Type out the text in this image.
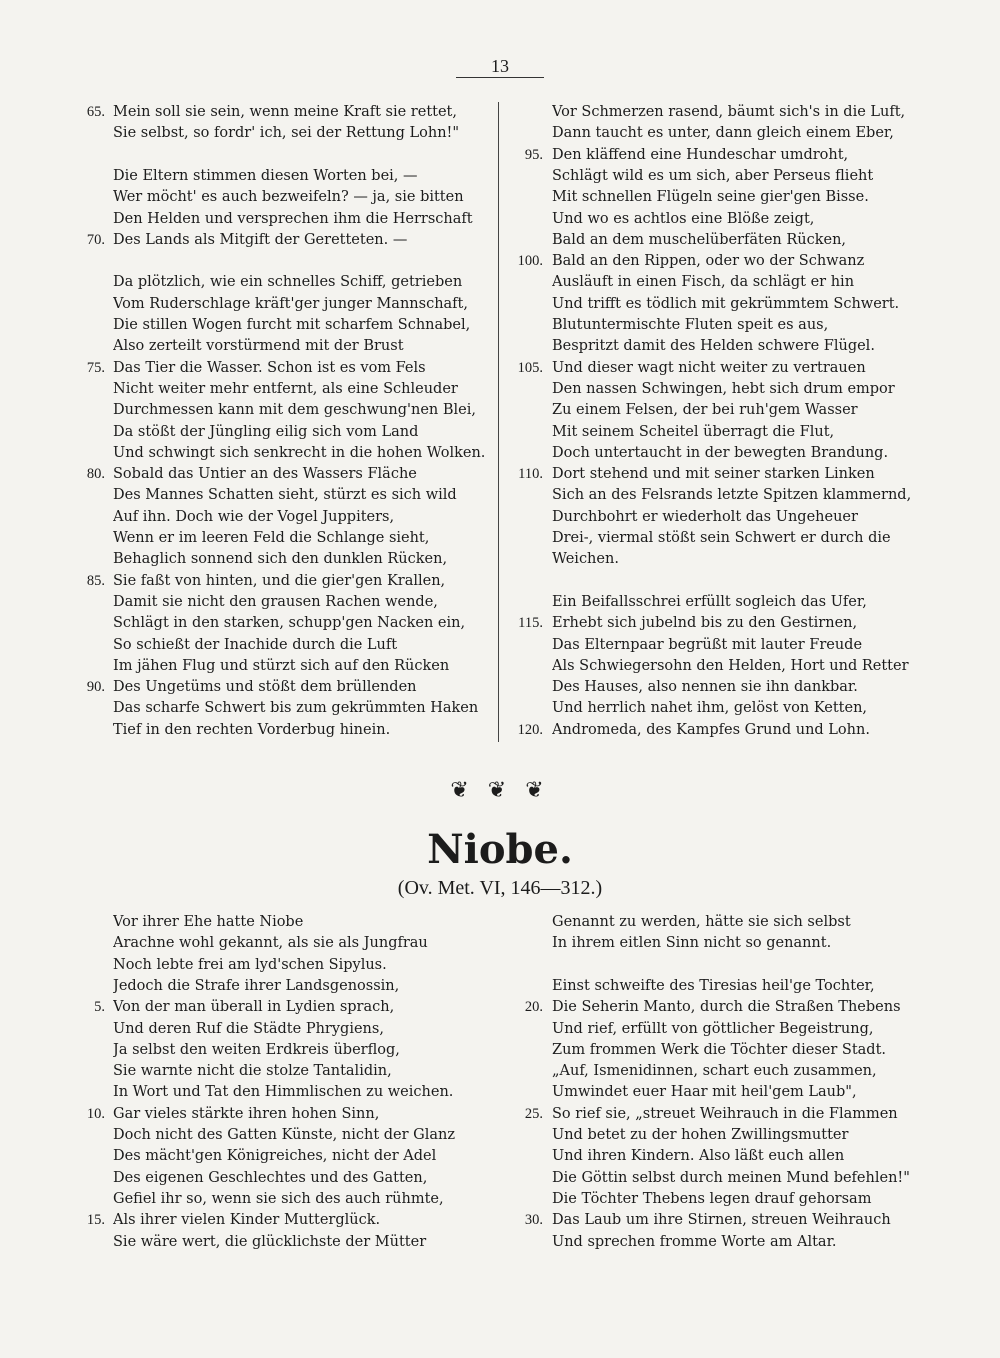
13
65. Mein soll sie sein, wenn meine Kraft sie rettet,
Sie selbst, so fordr' ich, sei der Rettung Lohn!"
Die Eltern stimmen diesen Worten bei, —
Wer möcht' es auch bezweifeln? — ja, sie bitten
Den Helden und versprechen ihm die Herrschaft
70. Des Lands als Mitgift der Geretteten. —
Da plötzlich, wie ein schnelles Schiff, getrieben
Vom Ruderschlage kräft'ger junger Mannschaft,
Die stillen Wogen furcht mit scharfem Schnabel,
Also zerteilt vorstürmend mit der Brust
75. Das Tier die Wasser. Schon ist es vom Fels
Nicht weiter mehr entfernt, als eine Schleuder
Durchmessen kann mit dem geschwung'nen Blei,
Da stößt der Jüngling eilig sich vom Land
Und schwingt sich senkrecht in die hohen Wolken.
80. Sobald das Untier an des Wassers Fläche
Des Mannes Schatten sieht, stürzt es sich wild
Auf ihn. Doch wie der Vogel Juppiters,
Wenn er im leeren Feld die Schlange sieht,
Behaglich sonnend sich den dunklen Rücken,
85. Sie faßt von hinten, und die gier'gen Krallen,
Damit sie nicht den grausen Rachen wende,
Schlägt in den starken, schupp'gen Nacken ein,
So schießt der Inachide durch die Luft
Im jähen Flug und stürzt sich auf den Rücken
90. Des Ungetüms und stößt dem brüllenden
Das scharfe Schwert bis zum gekrümmten Haken
Tief in den rechten Vorderbug hinein.
Vor Schmerzen rasend, bäumt sich's in die Luft,
Dann taucht es unter, dann gleich einem Eber,
95. Den kläffend eine Hundeschar umdroht,
Schlägt wild es um sich, aber Perseus flieht
Mit schnellen Flügeln seine gier'gen Bisse.
Und wo es achtlos eine Blöße zeigt,
Bald an dem muschelüberfäten Rücken,
100. Bald an den Rippen, oder wo der Schwanz
Ausläuft in einen Fisch, da schlägt er hin
Und trifft es tödlich mit gekrümmtem Schwert.
Blutuntermischte Fluten speit es aus,
Bespritzt damit des Helden schwere Flügel.
105. Und dieser wagt nicht weiter zu vertrauen
Den nassen Schwingen, hebt sich drum empor
Zu einem Felsen, der bei ruh'gem Wasser
Mit seinem Scheitel überragt die Flut,
Doch untertaucht in der bewegten Brandung.
110. Dort stehend und mit seiner starken Linken
Sich an des Felsrands letzte Spitzen klammernd,
Durchbohrt er wiederholt das Ungeheuer
Drei-, viermal stößt sein Schwert er durch die
Weichen.
Ein Beifallsschrei erfüllt sogleich das Ufer,
115. Erhebt sich jubelnd bis zu den Gestirnen,
Das Elternpaar begrüßt mit lauter Freude
Als Schwiegersohn den Helden, Hort und Retter
Des Hauses, also nennen sie ihn dankbar.
Und herrlich nahet ihm, gelöst von Ketten,
120. Andromeda, des Kampfes Grund und Lohn.
❦ ❦ ❦
Niobe.
(Ov. Met. VI, 146—312.)
Vor ihrer Ehe hatte Niobe
Arachne wohl gekannt, als sie als Jungfrau
Noch lebte frei am lyd'schen Sipylus.
Jedoch die Strafe ihrer Landsgenossin,
5. Von der man überall in Lydien sprach,
Und deren Ruf die Städte Phrygiens,
Ja selbst den weiten Erdkreis überflog,
Sie warnte nicht die stolze Tantalidin,
In Wort und Tat den Himmlischen zu weichen.
10. Gar vieles stärkte ihren hohen Sinn,
Doch nicht des Gatten Künste, nicht der Glanz
Des mächt'gen Königreiches, nicht der Adel
Des eigenen Geschlechtes und des Gatten,
Gefiel ihr so, wenn sie sich des auch rühmte,
15. Als ihrer vielen Kinder Mutterglück.
Sie wäre wert, die glücklichste der Mütter
Genannt zu werden, hätte sie sich selbst
In ihrem eitlen Sinn nicht so genannt.
Einst schweifte des Tiresias heil'ge Tochter,
20. Die Seherin Manto, durch die Straßen Thebens
Und rief, erfüllt von göttlicher Begeistrung,
Zum frommen Werk die Töchter dieser Stadt.
„Auf, Ismenidinnen, schart euch zusammen,
Umwindet euer Haar mit heil'gem Laub",
25. So rief sie, „streuet Weihrauch in die Flammen
Und betet zu der hohen Zwillingsmutter
Und ihren Kindern. Also läßt euch allen
Die Göttin selbst durch meinen Mund befehlen!"
Die Töchter Thebens legen drauf gehorsam
30. Das Laub um ihre Stirnen, streuen Weihrauch
Und sprechen fromme Worte am Altar.
